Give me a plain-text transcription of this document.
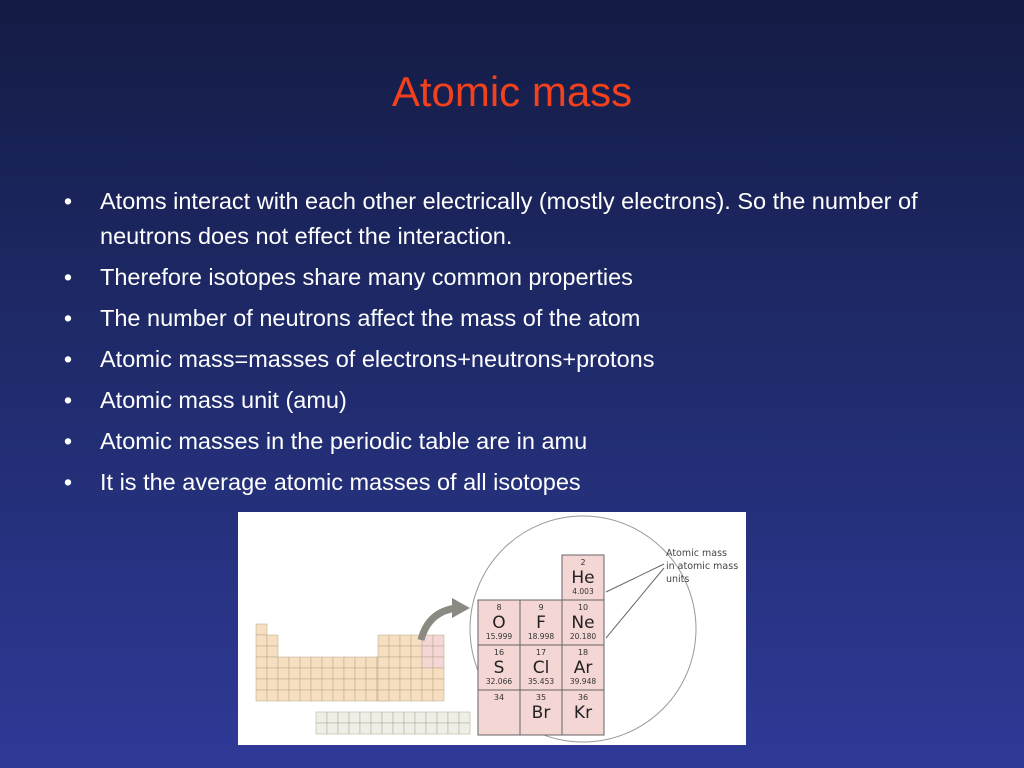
Atomic mass
• Atoms interact with each other electrically (mostly electrons). So the number of neutrons does not effect the interaction.
• Therefore isotopes share many common properties
• The number of neutrons affect the mass of the atom
• Atomic mass=masses of electrons+neutrons+protons
• Atomic mass unit (amu)
• Atomic masses in the periodic table are in amu
• It is the average atomic masses of all isotopes
2
He
4.003
8
O
15.999
9
F
18.998
10
Ne
20.180
16
S
32.066
17
Cl
35.453
18
Ar
39.948
34	35
Br
36
Kr
Atomic mass
in atomic mass
units
